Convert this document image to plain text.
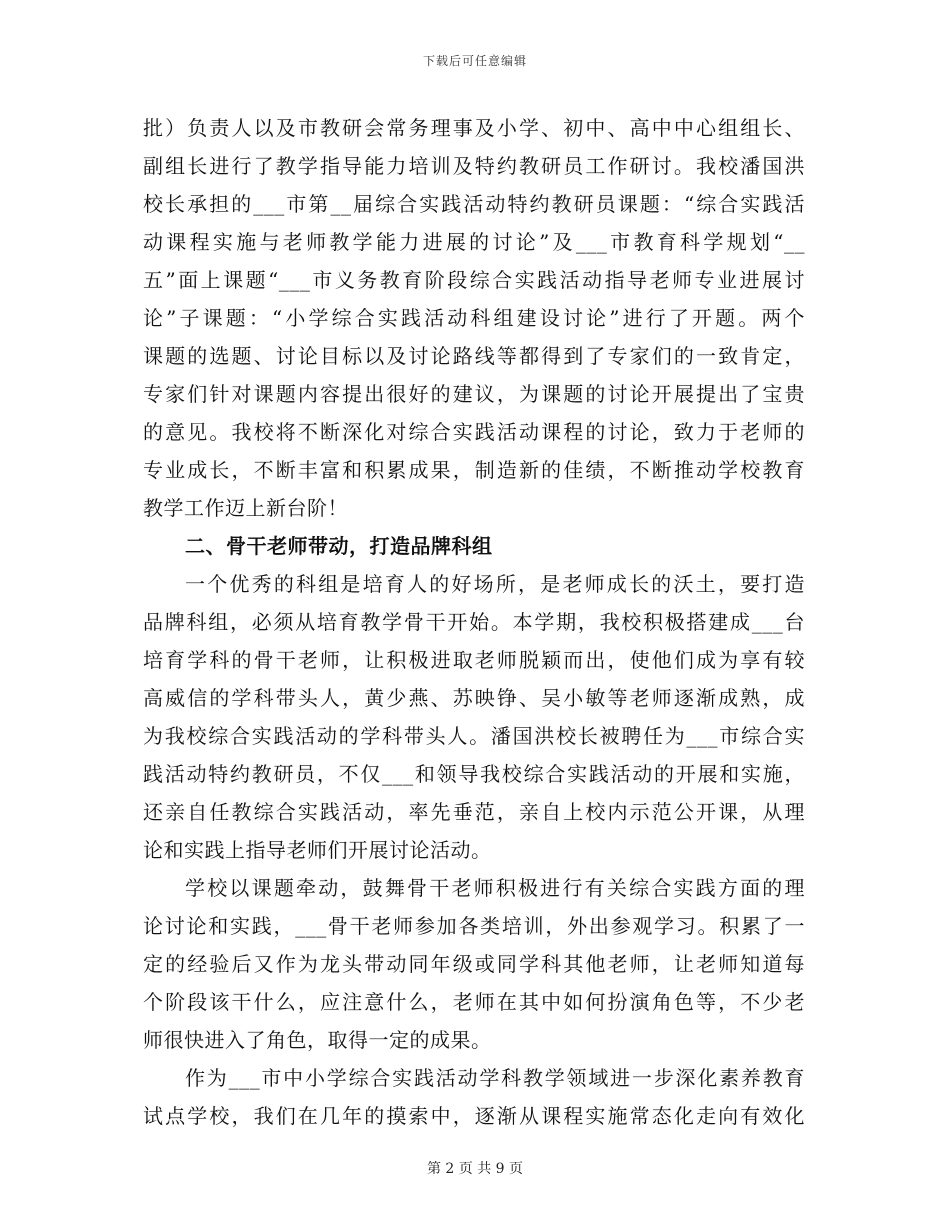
下载后可任意编辑
批）负责人以及市教研会常务理事及小学、初中、高中中心组组长、
副组长进行了教学指导能力培训及特约教研员工作研讨。我校潘国洪
校长承担的___市第__届综合实践活动特约教研员课题：“综合实践活
动课程实施与老师教学能力进展的讨论”及___市教育科学规划“__
五”面上课题“___市义务教育阶段综合实践活动指导老师专业进展讨
论”子课题：“小学综合实践活动科组建设讨论”进行了开题。两个
课题的选题、讨论目标以及讨论路线等都得到了专家们的一致肯定，
专家们针对课题内容提出很好的建议，为课题的讨论开展提出了宝贵
的意见。我校将不断深化对综合实践活动课程的讨论，致力于老师的
专业成长，不断丰富和积累成果，制造新的佳绩，不断推动学校教育
教学工作迈上新台阶！
二、骨干老师带动，打造品牌科组
一个优秀的科组是培育人的好场所，是老师成长的沃土，要打造
品牌科组，必须从培育教学骨干开始。本学期，我校积极搭建成___台
培育学科的骨干老师，让积极进取老师脱颖而出，使他们成为享有较
高威信的学科带头人，黄少燕、苏映铮、吴小敏等老师逐渐成熟，成
为我校综合实践活动的学科带头人。潘国洪校长被聘任为___市综合实
践活动特约教研员，不仅___和领导我校综合实践活动的开展和实施，
还亲自任教综合实践活动，率先垂范，亲自上校内示范公开课，从理
论和实践上指导老师们开展讨论活动。
学校以课题牵动，鼓舞骨干老师积极进行有关综合实践方面的理
论讨论和实践，___骨干老师参加各类培训，外出参观学习。积累了一
定的经验后又作为龙头带动同年级或同学科其他老师，让老师知道每
个阶段该干什么，应注意什么，老师在其中如何扮演角色等，不少老
师很快进入了角色，取得一定的成果。
作为___市中小学综合实践活动学科教学领域进一步深化素养教育
试点学校，我们在几年的摸索中，逐渐从课程实施常态化走向有效化
第 2 页 共 9 页
